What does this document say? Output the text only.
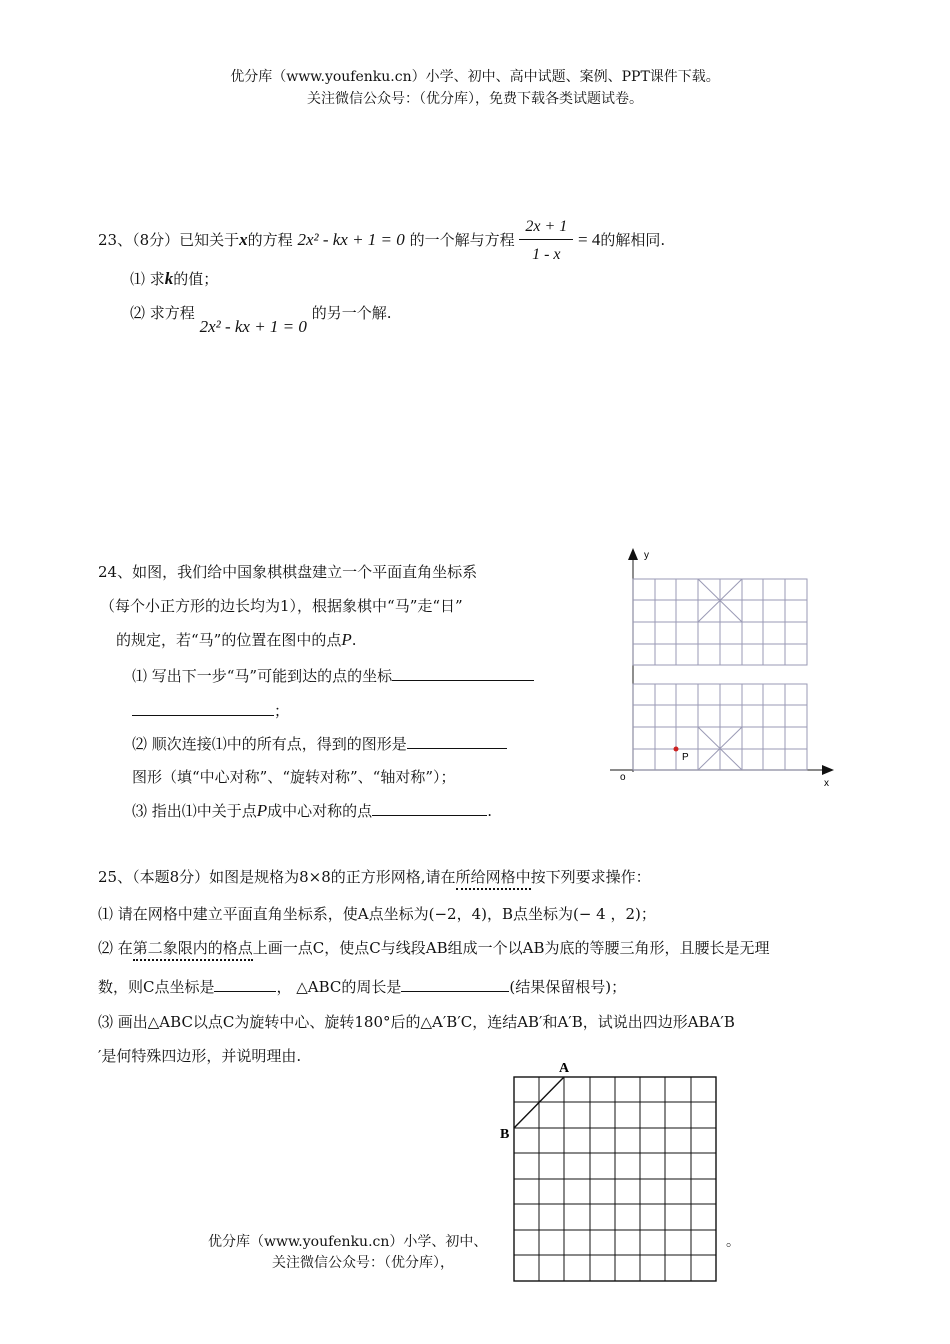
优分库（www.youfenku.cn）小学、初中、高中试题、案例、PPT课件下载。
关注微信公众号：（优分库），免费下载各类试题试卷。
23、（8分）已知关于x的方程 2x² - kx + 1 = 0 的一个解与方程 $\frac{2x + 1}{1 - x} = 4$的解相同.
⑴ 求k的值；
⑵ 求方程 2x² - kx + 1 = 0 的另一个解.
24、如图，我们给中国象棋棋盘建立一个平面直角坐标系
（每个小正方形的边长均为1），根据象棋中“马”走“日”
的规定，若“马”的位置在图中的点P.
⑴ 写出下一步“马”可能到达的点的坐标
；
⑵ 顺次连接⑴中的所有点，得到的图形是
图形（填“中心对称”、“旋转对称”、“轴对称”）；
⑶ 指出⑴中关于点P成中心对称的点	.
y
x
o
P
25、（本题8分）如图是规格为8×8的正方形网格,请在所给网格中按下列要求操作：
⑴ 请在网格中建立平面直角坐标系，使A点坐标为(−2，4)，B点坐标为(− 4 ，2)；
⑵ 在第二象限内的格点上画一点C，使点C与线段AB组成一个以AB为底的等腰三角形，且腰长是无理
数，则C点坐标是	， △ABC的周长是	(结果保留根号)；
⑶ 画出△ABC以点C为旋转中心、旋转180°后的△A′B′C，连结AB′和A′B，试说出四边形ABA′B
′是何特殊四边形，并说明理由.
A
B
优分库（www.youfenku.cn）小学、初中、
关注微信公众号：（优分库），
。
